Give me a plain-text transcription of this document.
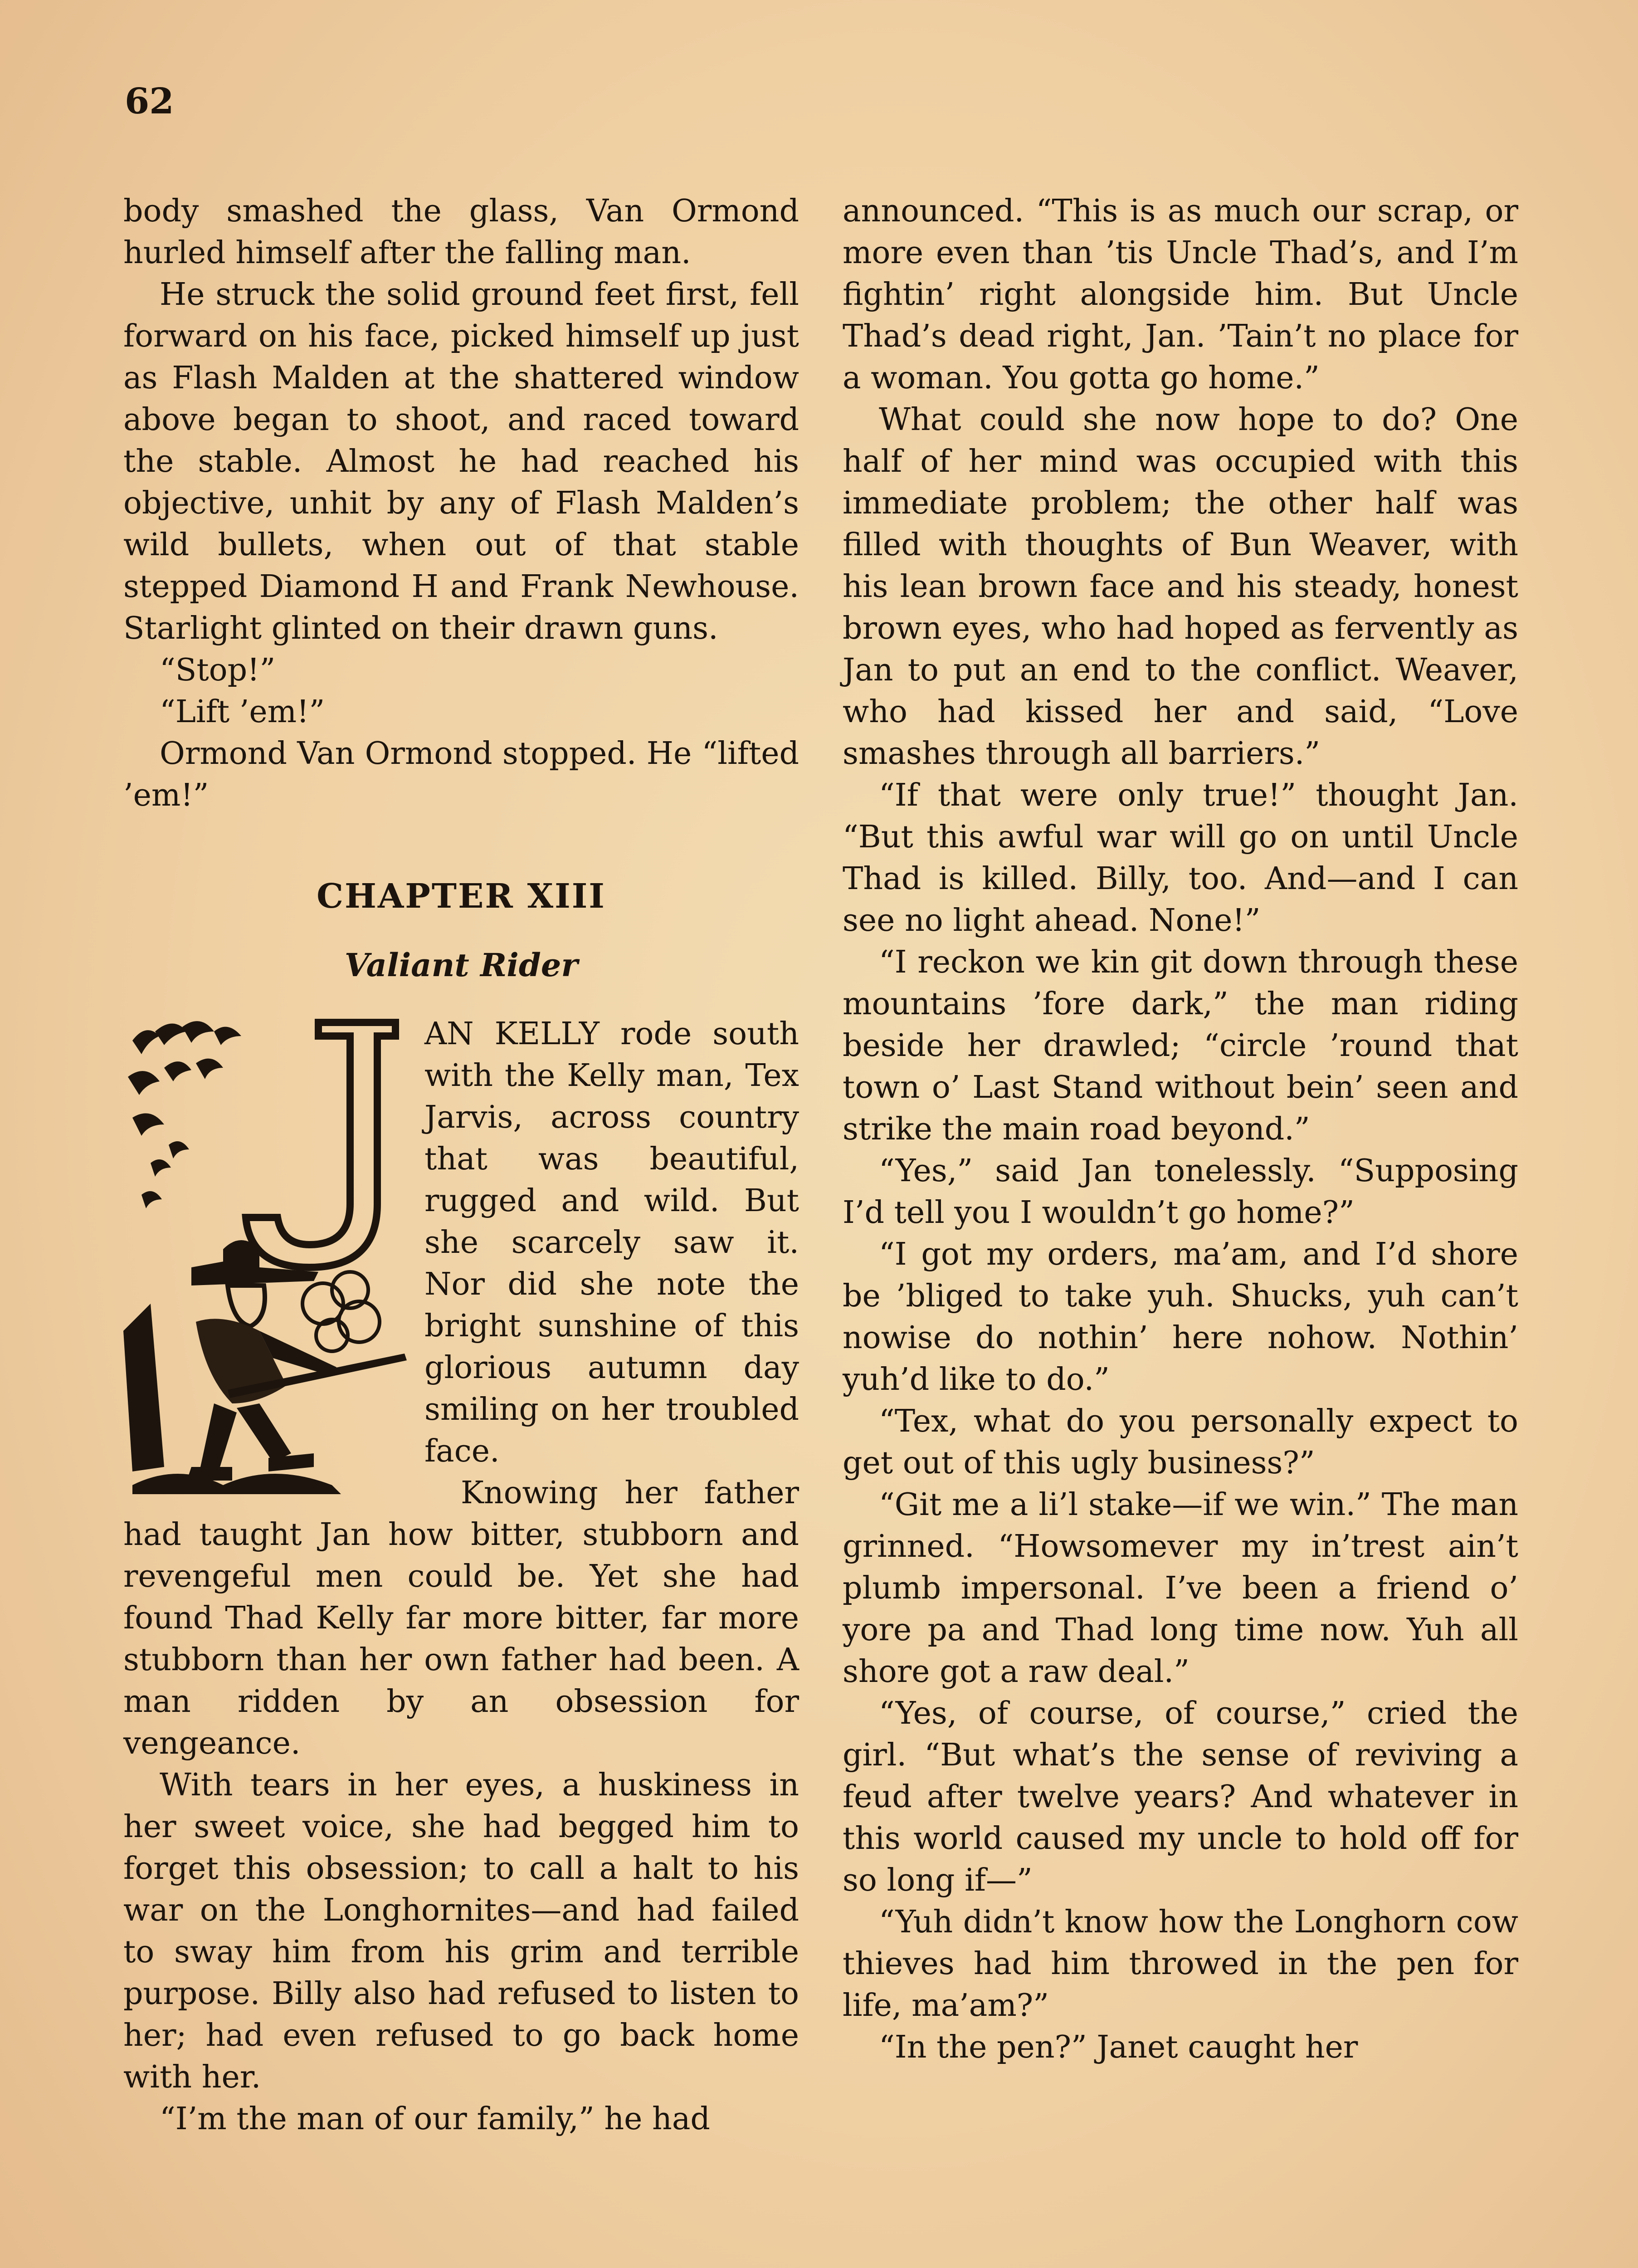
62

body smashed the glass, Van Ormond hurled himself after the falling man.

He struck the solid ground feet first, fell forward on his face, picked himself up just as Flash Malden at the shattered window above began to shoot, and raced toward the stable. Almost he had reached his objective, unhit by any of Flash Malden’s wild bullets, when out of that stable stepped Diamond H and Frank Newhouse. Starlight glinted on their drawn guns.

“Stop!”

“Lift ’em!”

Ormond Van Ormond stopped. He “lifted ’em!”

CHAPTER XIII
Valiant Rider

AN KELLY rode south with the Kelly man, Tex Jarvis, across country that was beautiful, rugged and wild. But she scarcely saw it. Nor did she note the bright sunshine of this glorious autumn day smiling on her troubled face.

Knowing her father had taught Jan how bitter, stubborn and revengeful men could be. Yet she had found Thad Kelly far more bitter, far more stubborn than her own father had been. A man ridden by an obsession for vengeance.

With tears in her eyes, a huskiness in her sweet voice, she had begged him to forget this obsession; to call a halt to his war on the Longhornites—and had failed to sway him from his grim and terrible purpose. Billy also had refused to listen to her; had even refused to go back home with her.

“I’m the man of our family,” he had

announced. “This is as much our scrap, or more even than ’tis Uncle Thad’s, and I’m fightin’ right alongside him. But Uncle Thad’s dead right, Jan. ’Tain’t no place for a woman. You gotta go home.”

What could she now hope to do? One half of her mind was occupied with this immediate problem; the other half was filled with thoughts of Bun Weaver, with his lean brown face and his steady, honest brown eyes, who had hoped as fervently as Jan to put an end to the conflict. Weaver, who had kissed her and said, “Love smashes through all barriers.”

“If that were only true!” thought Jan. “But this awful war will go on until Uncle Thad is killed. Billy, too. And—and I can see no light ahead. None!”

“I reckon we kin git down through these mountains ’fore dark,” the man riding beside her drawled; “circle ’round that town o’ Last Stand without bein’ seen and strike the main road beyond.”

“Yes,” said Jan tonelessly. “Supposing I’d tell you I wouldn’t go home?”

“I got my orders, ma’am, and I’d shore be ’bliged to take yuh. Shucks, yuh can’t nowise do nothin’ here nohow. Nothin’ yuh’d like to do.”

“Tex, what do you personally expect to get out of this ugly business?”

“Git me a li’l stake—if we win.” The man grinned. “Howsomever my in’trest ain’t plumb impersonal. I’ve been a friend o’ yore pa and Thad long time now. Yuh all shore got a raw deal.”

“Yes, of course, of course,” cried the girl. “But what’s the sense of reviving a feud after twelve years? And whatever in this world caused my uncle to hold off for so long if—”

“Yuh didn’t know how the Longhorn cow thieves had him throwed in the pen for life, ma’am?”

“In the pen?” Janet caught her
